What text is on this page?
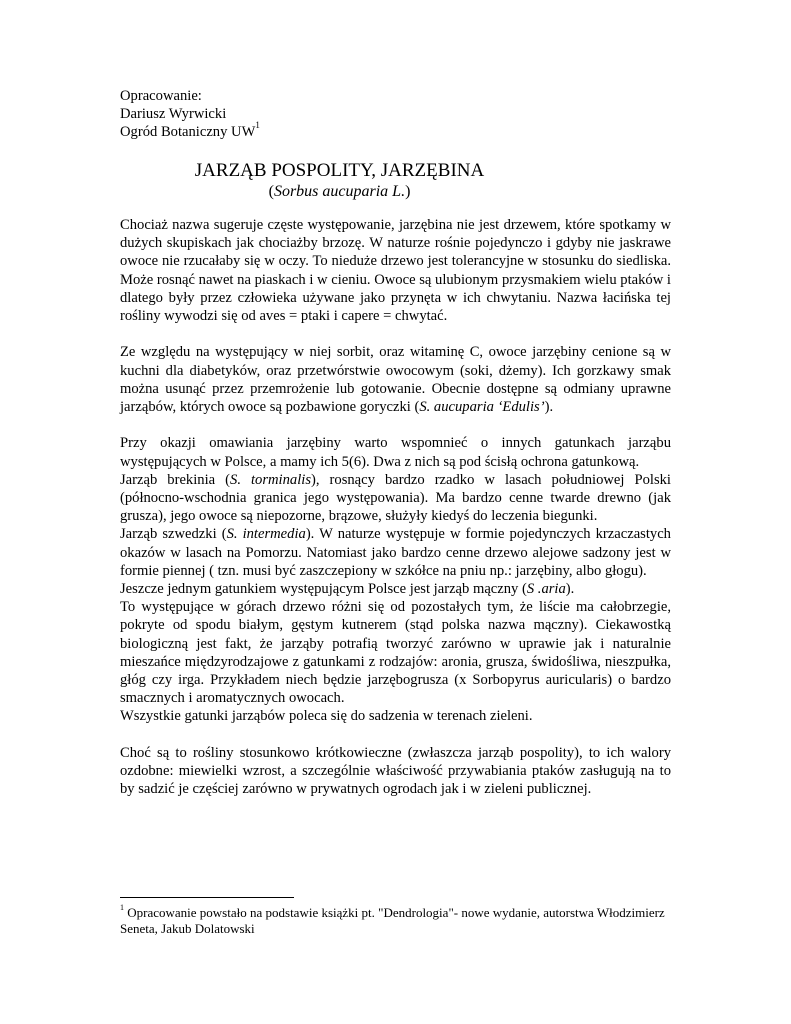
Opracowanie:
Dariusz Wyrwicki
Ogród Botaniczny $UW^1$
JARZĄB POSPOLITY, JARZĘBINA
(Sorbus aucuparia L.)

Chociaż nazwa sugeruje częste występowanie, jarzębina nie jest drzewem, które spotkamy w dużych skupiskach jak chociażby brzozę. W naturze rośnie pojedynczo i gdyby nie jaskrawe owoce nie rzucałaby się w oczy. To nieduże drzewo jest tolerancyjne w stosunku do siedliska. Może rosnąć nawet na piaskach i w cieniu. Owoce są ulubionym przysmakiem wielu ptaków i dlatego były przez człowieka używane jako przynęta w ich chwytaniu. Nazwa łacińska tej rośliny wywodzi się od aves = ptaki i capere = chwytać.

Ze względu na występujący w niej sorbit, oraz witaminę C, owoce jarzębiny cenione są w kuchni dla diabetyków, oraz przetwórstwie owocowym (soki, dżemy). Ich gorzkawy smak można usunąć przez przemrożenie lub gotowanie. Obecnie dostępne są odmiany uprawne jarząbów, których owoce są pozbawione goryczki (S. aucuparia ‘Edulis’).

Przy okazji omawiania jarzębiny warto wspomnieć o innych gatunkach jarząbu występujących w Polsce, a mamy ich 5(6). Dwa z nich są pod ścisłą ochrona gatunkową.

Jarząb brekinia (S. torminalis), rosnący bardzo rzadko w lasach południowej Polski (północno-wschodnia granica jego występowania). Ma bardzo cenne twarde drewno (jak grusza), jego owoce są niepozorne, brązowe, służyły kiedyś do leczenia biegunki.

Jarząb szwedzki (S. intermedia). W naturze występuje w formie pojedynczych krzaczastych okazów w lasach na Pomorzu. Natomiast jako bardzo cenne drzewo alejowe sadzony jest w formie piennej ( tzn. musi być zaszczepiony w szkółce na pniu np.: jarzębiny, albo głogu).

Jeszcze jednym gatunkiem występującym Polsce jest jarząb mączny (S .aria).

To występujące w górach drzewo różni się od pozostałych tym, że liście ma całobrzegie, pokryte od spodu białym, gęstym kutnerem (stąd polska nazwa mączny). Ciekawostką biologiczną jest fakt, że jarząby potrafią tworzyć zarówno w uprawie jak i naturalnie mieszańce międzyrodzajowe z gatunkami z rodzajów: aronia, grusza, świdośliwa, nieszpułka, głóg czy irga. Przykładem niech będzie jarzębogrusza (x Sorbopyrus auricularis) o bardzo smacznych i aromatycznych owocach.

Wszystkie gatunki jarząbów poleca się do sadzenia w terenach zieleni.

Choć są to rośliny stosunkowo krótkowieczne (zwłaszcza jarząb pospolity), to ich walory ozdobne: miewielki wzrost, a szczególnie właściwość przywabiania ptaków zasługują na to by sadzić je częściej zarówno w prywatnych ogrodach jak i w zieleni publicznej.

$^1$ Opracowanie powstało na podstawie książki pt. "Dendrologia"- nowe wydanie, autorstwa Włodzimierz Seneta, Jakub Dolatowski
